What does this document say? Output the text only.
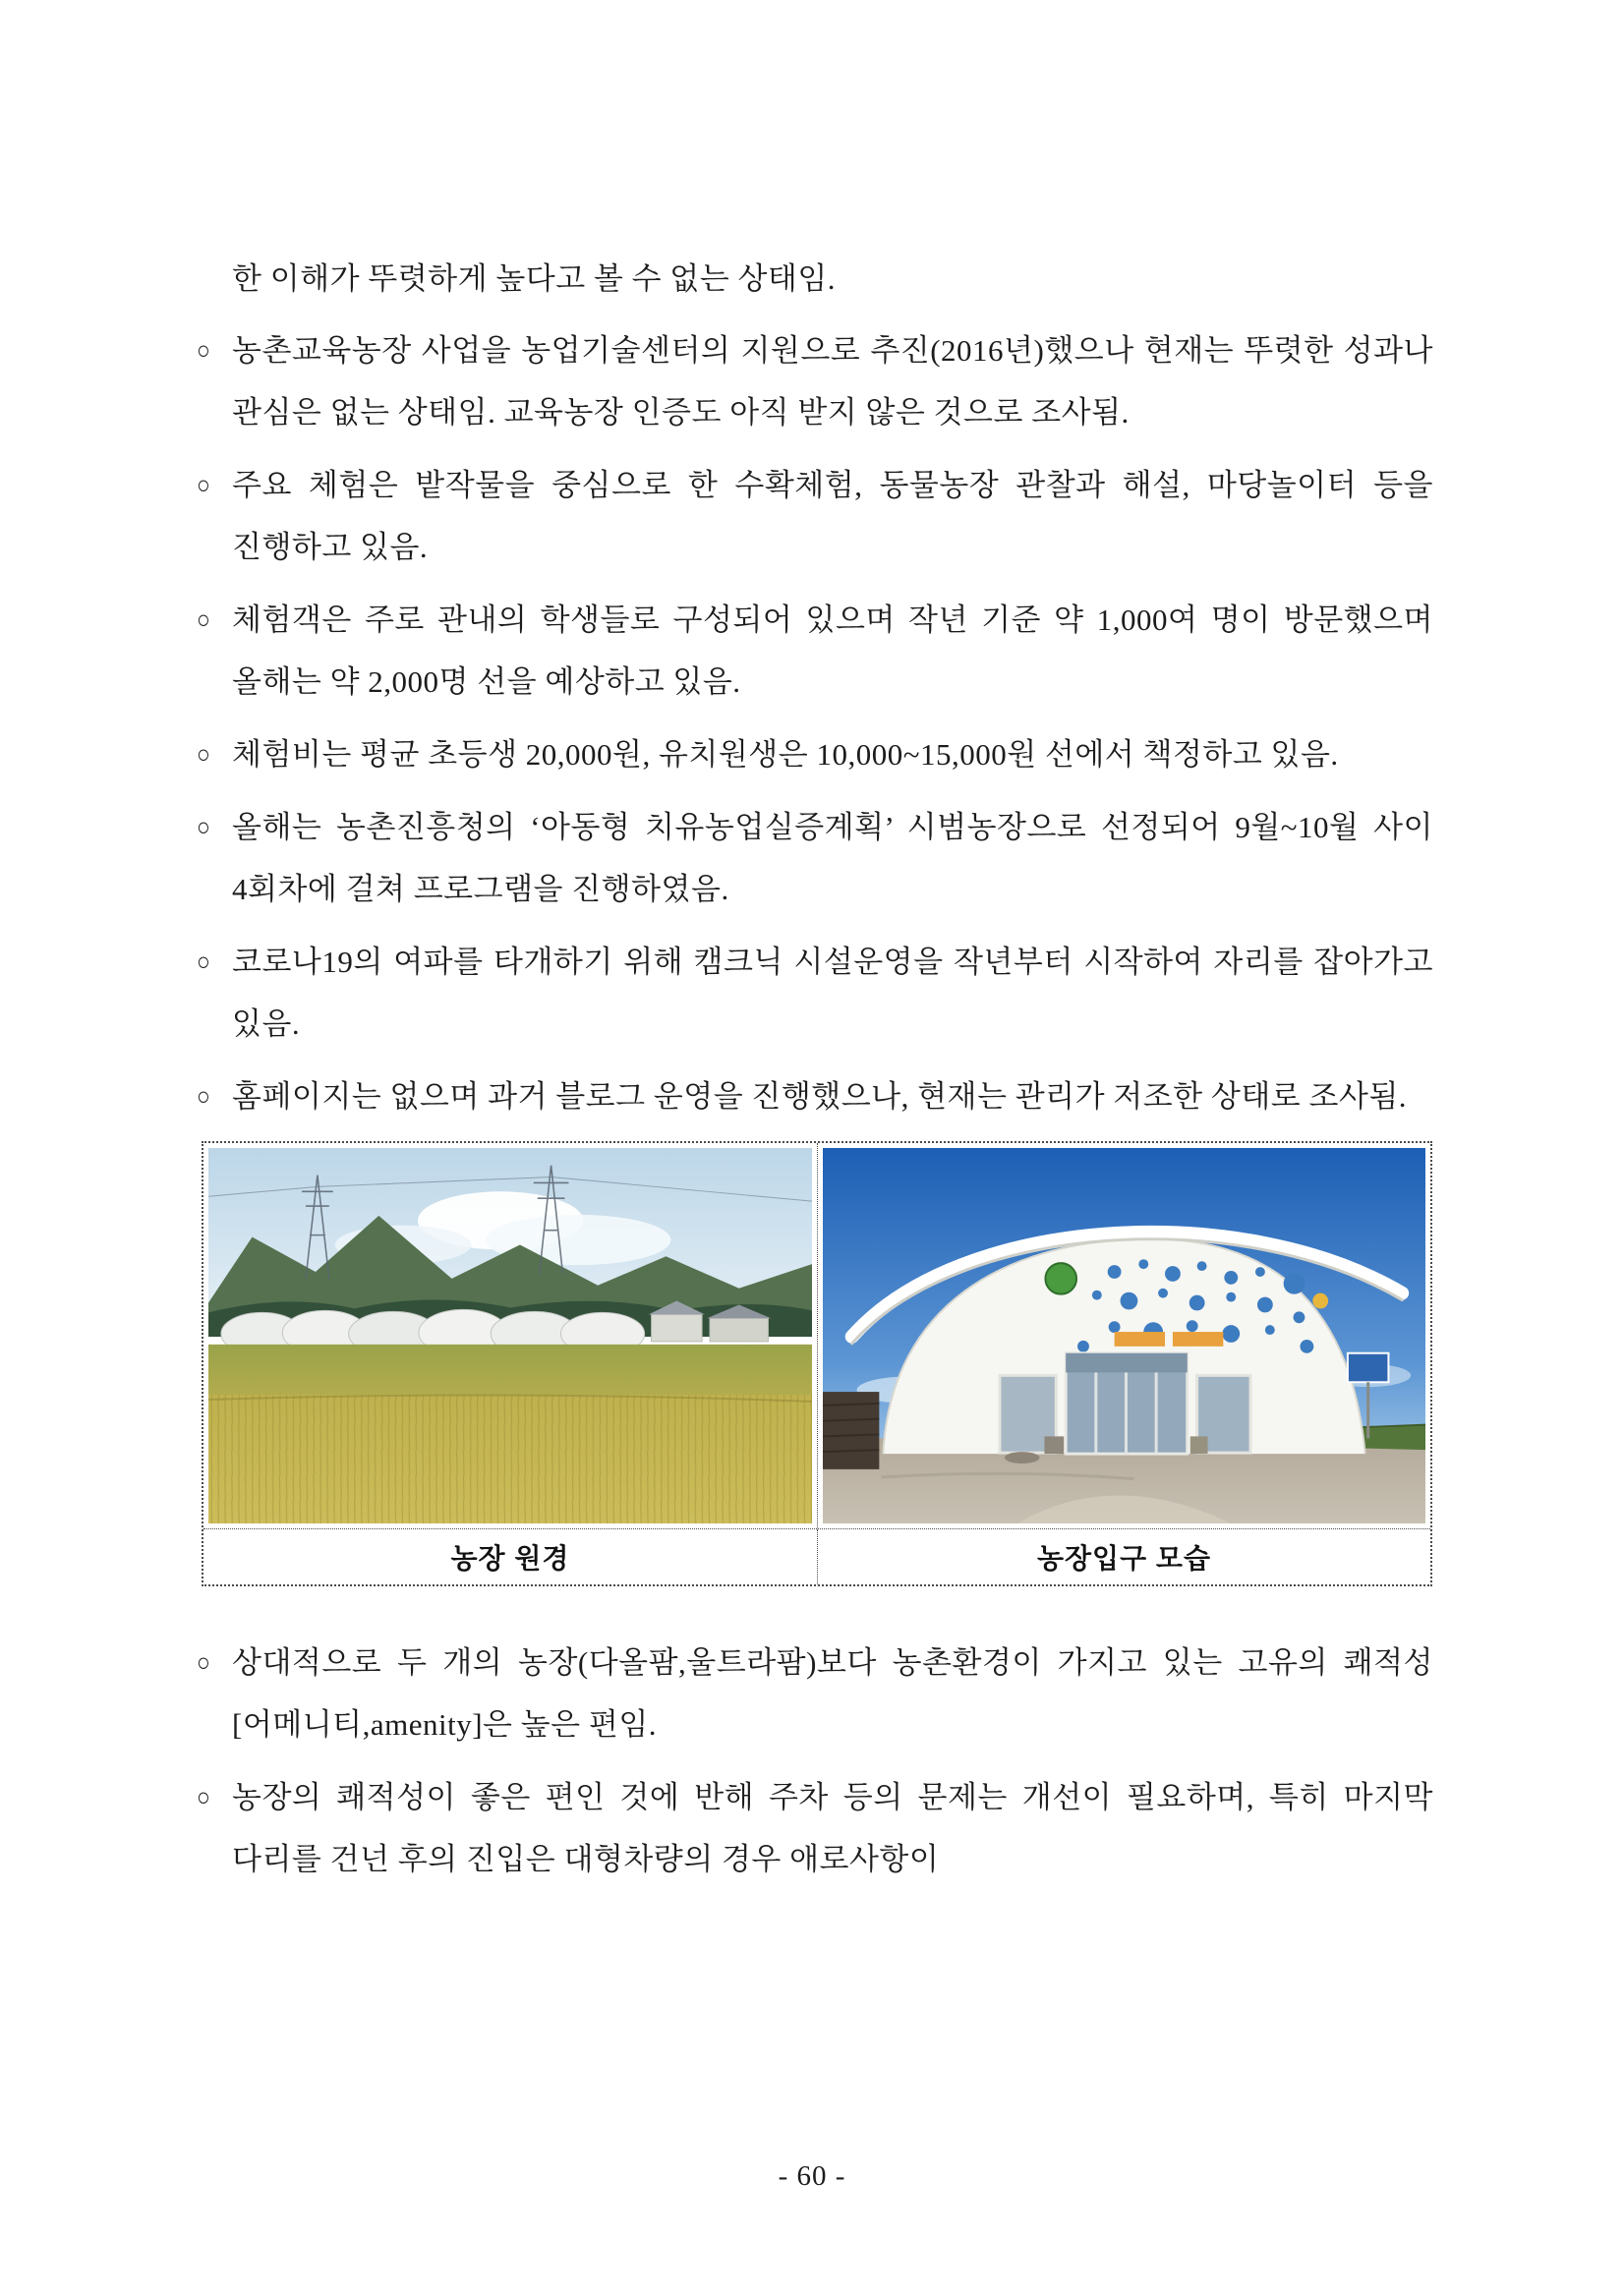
한 이해가 뚜렷하게 높다고 볼 수 없는 상태임.
○ 농촌교육농장 사업을 농업기술센터의 지원으로 추진(2016년)했으나 현재는 뚜렷한 성과나 관심은 없는 상태임. 교육농장 인증도 아직 받지 않은 것으로 조사됨.
○ 주요 체험은 밭작물을 중심으로 한 수확체험, 동물농장 관찰과 해설, 마당놀이터 등을 진행하고 있음.
○ 체험객은 주로 관내의 학생들로 구성되어 있으며 작년 기준 약 1,000여 명이 방문했으며 올해는 약 2,000명 선을 예상하고 있음.
○ 체험비는 평균 초등생 20,000원, 유치원생은 10,000~15,000원 선에서 책정하고 있음.
○ 올해는 농촌진흥청의 ‘아동형 치유농업실증계획’ 시범농장으로 선정되어 9월~10월 사이 4회차에 걸쳐 프로그램을 진행하였음.
○ 코로나19의 여파를 타개하기 위해 캠크닉 시설운영을 작년부터 시작하여 자리를 잡아가고 있음.
○ 홈페이지는 없으며 과거 블로그 운영을 진행했으나, 현재는 관리가 저조한 상태로 조사됨.
농장 원경	농장입구 모습
○ 상대적으로 두 개의 농장(다올팜,울트라팜)보다 농촌환경이 가지고 있는 고유의 쾌적성[어메니티,amenity]은 높은 편임.
○ 농장의 쾌적성이 좋은 편인 것에 반해 주차 등의 문제는 개선이 필요하며, 특히 마지막 다리를 건넌 후의 진입은 대형차량의 경우 애로사항이
- 60 -
